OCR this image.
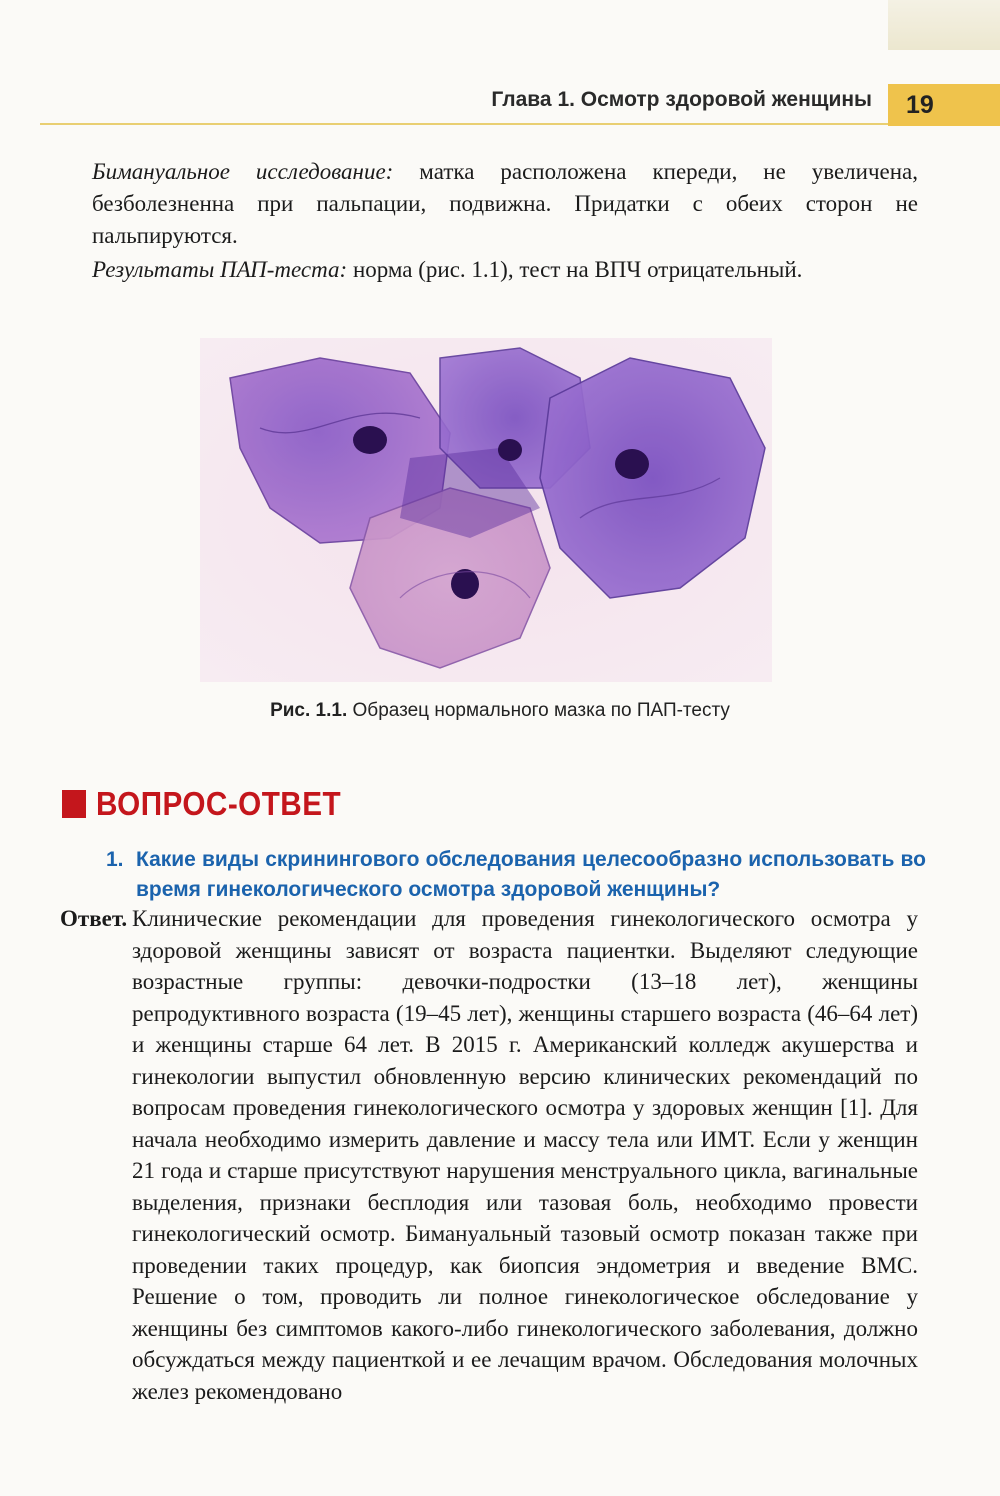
Глава 1. Осмотр здоровой женщины	19

Бимануальное исследование: матка расположена кпереди, не увеличена, безболезненна при пальпации, подвижна. Придатки с обеих сторон не пальпируются.

Результаты ПАП-теста: норма (рис. 1.1), тест на ВПЧ отрицательный.

Рис. 1.1. Образец нормального мазка по ПАП-тесту
ВОПРОС-ОТВЕТ
1. Какие виды скринингового обследования целесообразно использовать во время гинекологического осмотра здоровой женщины?
Ответ. Клинические рекомендации для проведения гинекологического осмотра у здоровой женщины зависят от возраста пациентки. Выделяют следующие возрастные группы: девочки-подростки (13–18 лет), женщины репродуктивного возраста (19–45 лет), женщины старшего возраста (46–64 лет) и женщины старше 64 лет. В 2015 г. Американский колледж акушерства и гинекологии выпустил обновленную версию клинических рекомендаций по вопросам проведения гинекологического осмотра у здоровых женщин [1]. Для начала необходимо измерить давление и массу тела или ИМТ. Если у женщин 21 года и старше присутствуют нарушения менструального цикла, вагинальные выделения, признаки бесплодия или тазовая боль, необходимо провести гинекологический осмотр. Бимануальный тазовый осмотр показан также при проведении таких процедур, как биопсия эндометрия и введение ВМС. Решение о том, проводить ли полное гинекологическое обследование у женщины без симптомов какого-либо гинекологического заболевания, должно обсуждаться между пациенткой и ее лечащим врачом. Обследования молочных желез рекомендовано
